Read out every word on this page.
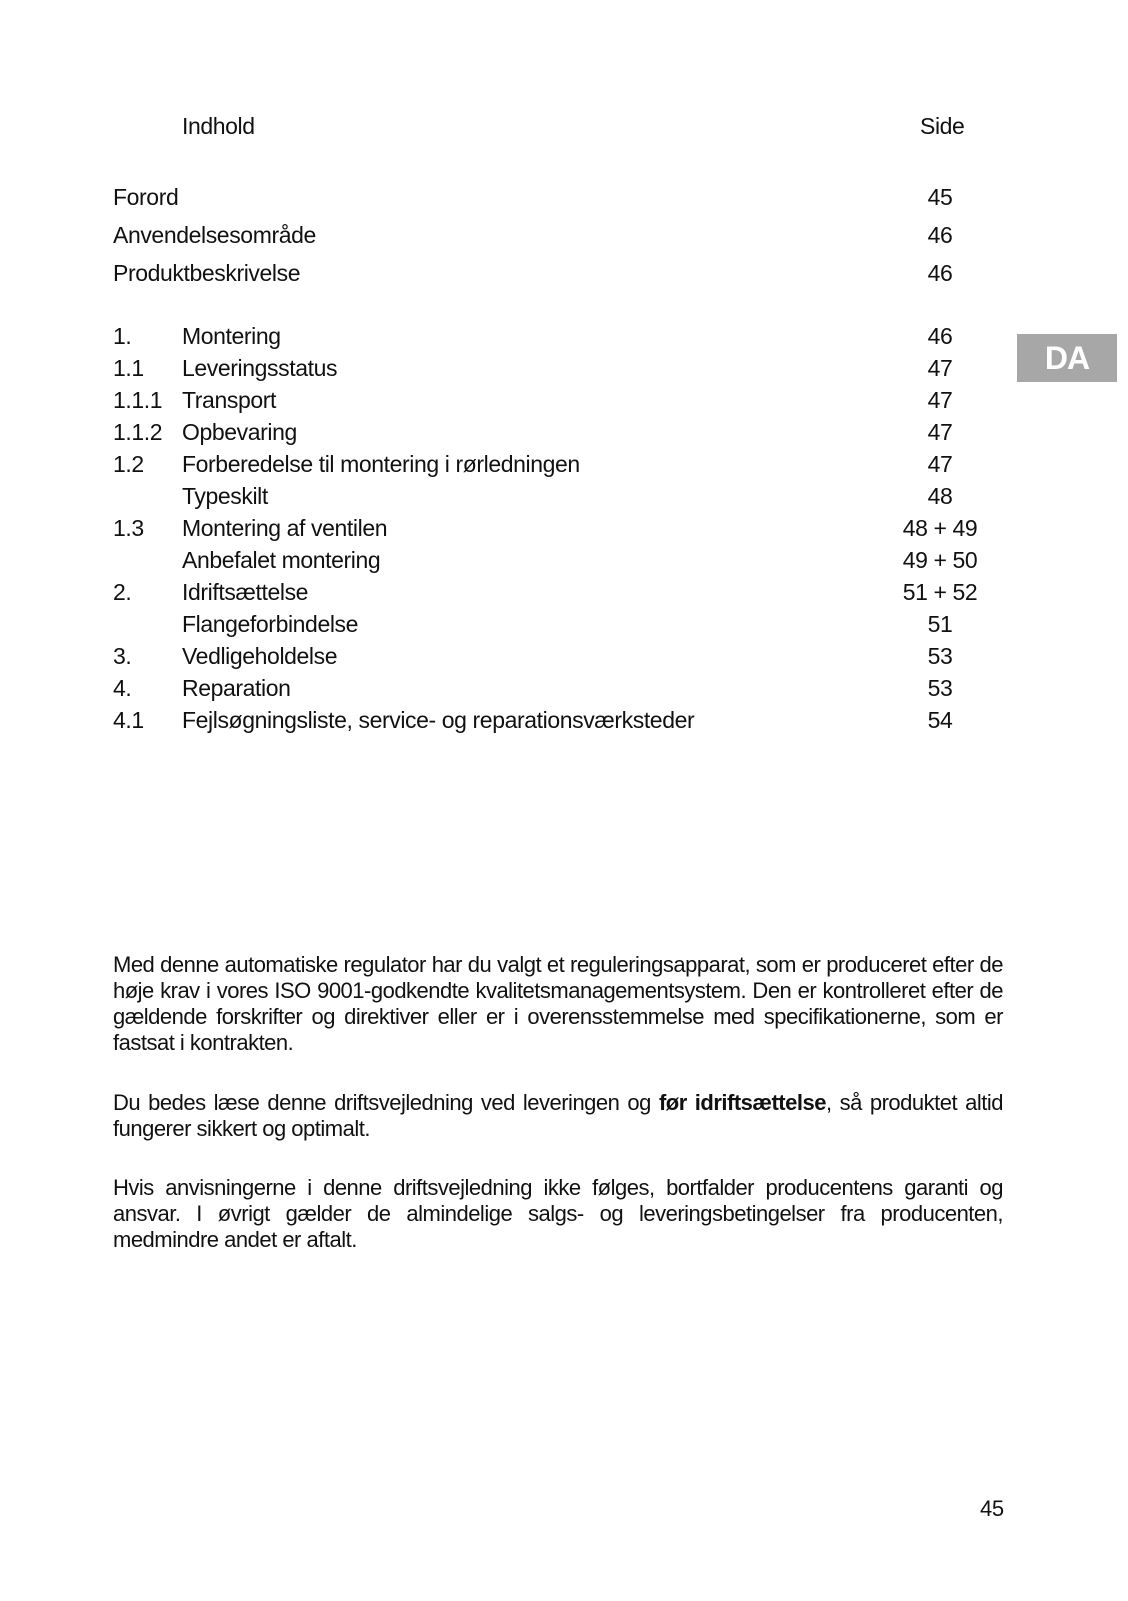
Indhold	Side
Forord	45
Anvendelsesområde	46
Produktbeskrivelse	46
1. Montering	46
1.1 Leveringsstatus	47
1.1.1 Transport	47
1.1.2 Opbevaring	47
1.2 Forberedelse til montering i rørledningen	47
Typeskilt	48
1.3 Montering af ventilen	48 + 49
Anbefalet montering	49 + 50
2. Idriftsættelse	51 + 52
Flangeforbindelse	51
3. Vedligeholdelse	53
4. Reparation	53
4.1 Fejlsøgningsliste, service- og reparationsværksteder	54
DA

Med denne automatiske regulator har du valgt et reguleringsapparat, som er produceret efter de høje krav i vores ISO 9001-godkendte kvalitetsmanagementsystem. Den er kontrolleret efter de gældende forskrifter og direktiver eller er i overensstemmelse med specifikationerne, som er fastsat i kontrakten.

Du bedes læse denne driftsvejledning ved leveringen og før idriftsættelse, så produktet altid fungerer sikkert og optimalt.

Hvis anvisningerne i denne driftsvejledning ikke følges, bortfalder producentens garanti og ansvar. I øvrigt gælder de almindelige salgs- og leveringsbetingelser fra producenten, medmindre andet er aftalt.

45
